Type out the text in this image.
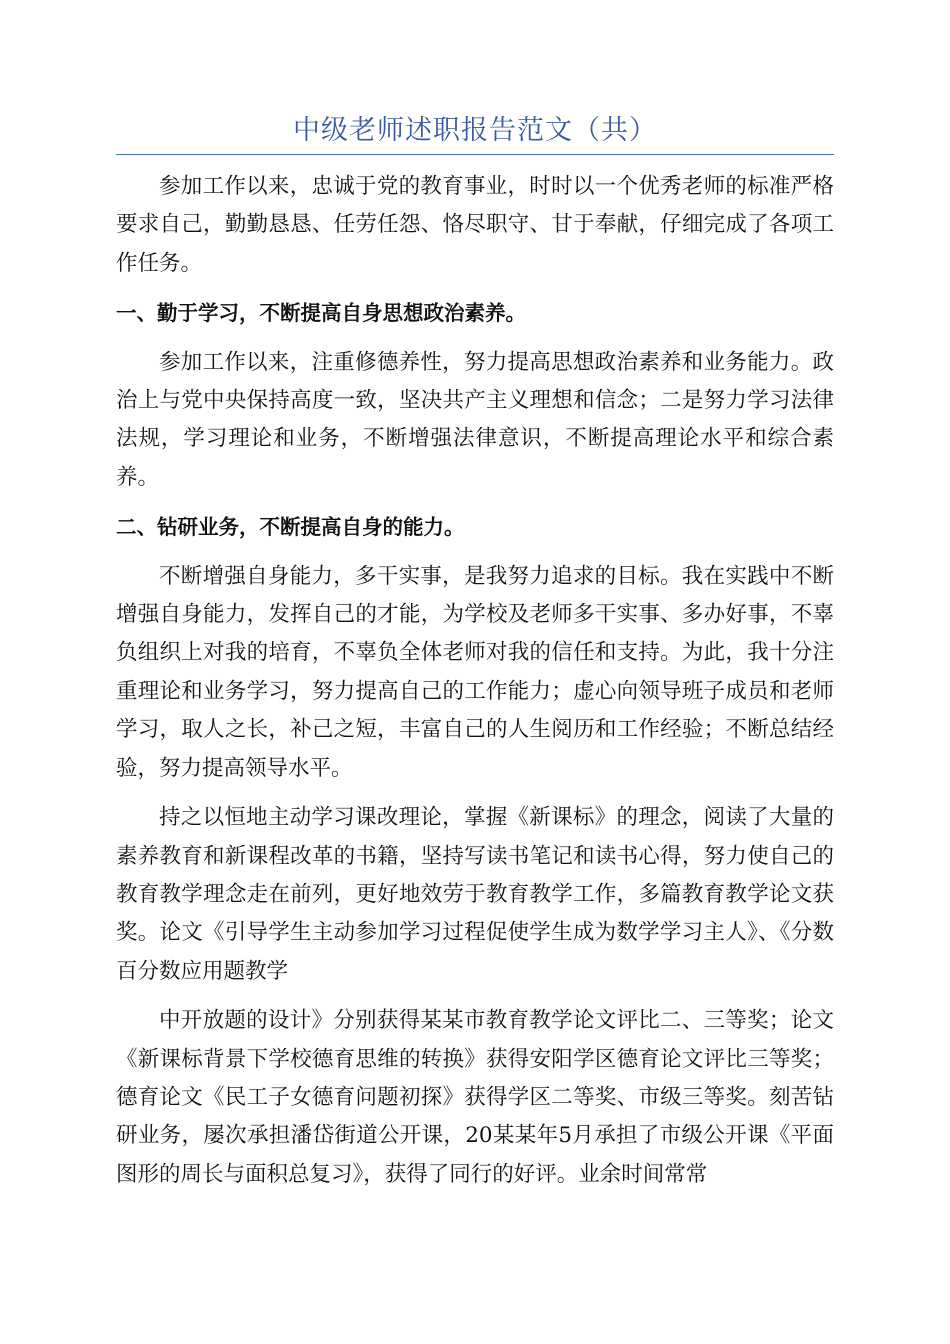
中级老师述职报告范文（共）

参加工作以来，忠诚于党的教育事业，时时以一个优秀老师的标准严格要求自己，勤勤恳恳、任劳任怨、恪尽职守、甘于奉献，仔细完成了各项工作任务。

一、勤于学习，不断提高自身思想政治素养。

参加工作以来，注重修德养性，努力提高思想政治素养和业务能力。政治上与党中央保持高度一致，坚决共产主义理想和信念；二是努力学习法律法规，学习理论和业务，不断增强法律意识，不断提高理论水平和综合素养。

二、钻研业务，不断提高自身的能力。

不断增强自身能力，多干实事，是我努力追求的目标。我在实践中不断增强自身能力，发挥自己的才能，为学校及老师多干实事、多办好事，不辜负组织上对我的培育，不辜负全体老师对我的信任和支持。为此，我十分注重理论和业务学习，努力提高自己的工作能力；虚心向领导班子成员和老师学习，取人之长，补己之短，丰富自己的人生阅历和工作经验；不断总结经验，努力提高领导水平。

持之以恒地主动学习课改理论，掌握《新课标》的理念，阅读了大量的素养教育和新课程改革的书籍，坚持写读书笔记和读书心得，努力使自己的教育教学理念走在前列，更好地效劳于教育教学工作，多篇教育教学论文获奖。论文《引导学生主动参加学习过程促使学生成为数学学习主人》、《分数百分数应用题教学

中开放题的设计》分别获得某某市教育教学论文评比二、三等奖；论文《新课标背景下学校德育思维的转换》获得安阳学区德育论文评比三等奖；德育论文《民工子女德育问题初探》获得学区二等奖、市级三等奖。刻苦钻研业务，屡次承担潘岱街道公开课，20某某年5月承担了市级公开课《平面图形的周长与面积总复习》，获得了同行的好评。业余时间常常
